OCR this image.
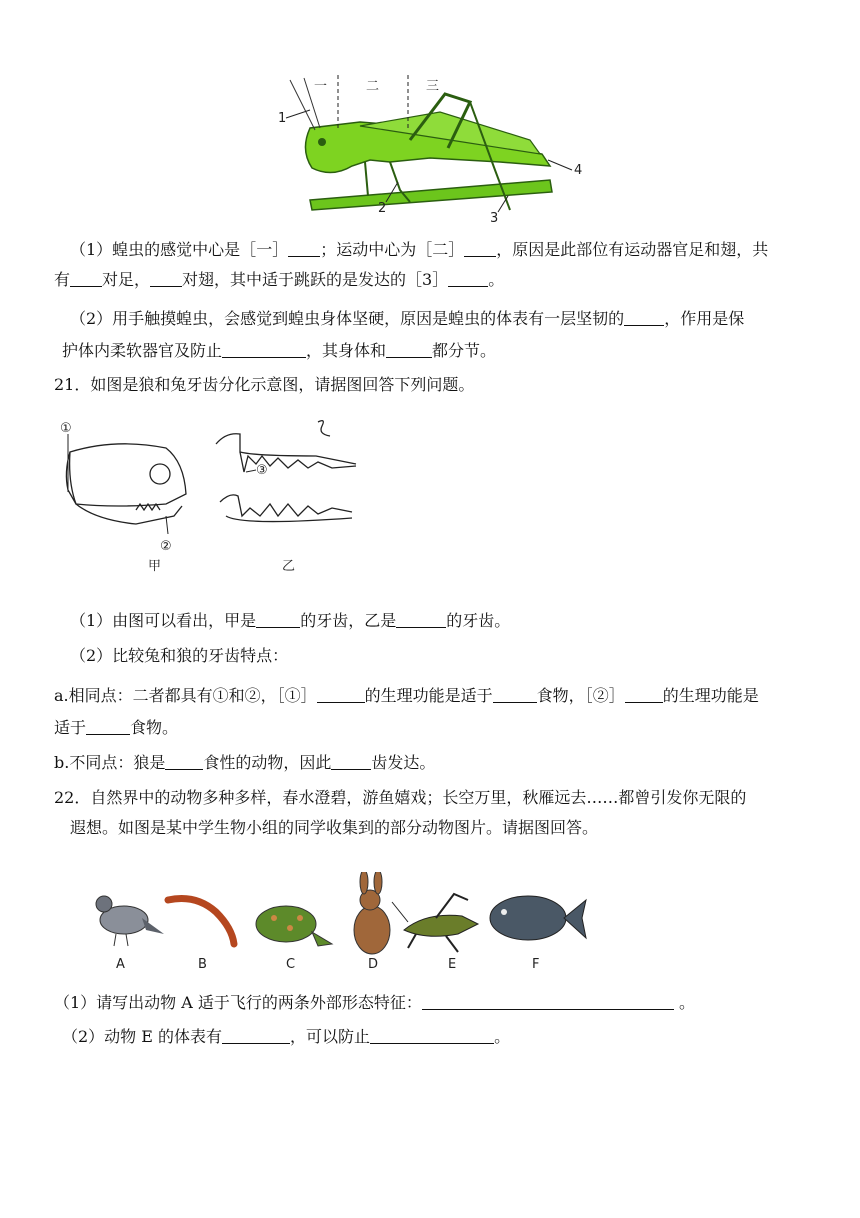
一	二	三
1
2
3
4
（1）蝗虫的感觉中心是［一］ ；运动中心为［二］ ，原因是此部位有运动器官足和翅，共
有 对足， 对翅，其中适于跳跃的是发达的［3］	。
（2）用手触摸蝗虫，会感觉到蝗虫身体坚硬，原因是蝗虫的体表有一层坚韧的	，作用是保
护体内柔软器官及防止	，其身体和	都分节。
21．如图是狼和兔牙齿分化示意图，请据图回答下列问题。
①
②
甲
③
乙
（1）由图可以看出，甲是	的牙齿，乙是	的牙齿。
（2）比较兔和狼的牙齿特点：
a.相同点：二者都具有①和②，［①］	的生理功能是适于	食物，［②］ 的生理功能是
适于	食物。
b.不同点：狼是 食性的动物，因此	齿发达。
22．自然界中的动物多种多样，春水澄碧，游鱼嬉戏；长空万里，秋雁远去……都曾引发你无限的
遐想。如图是某中学生物小组的同学收集到的部分动物图片。请据图回答。
A	B	C	D	E	F
（1）请写出动物 A 适于飞行的两条外部形态特征：	。
（2）动物 E 的体表有	，可以防止	。
